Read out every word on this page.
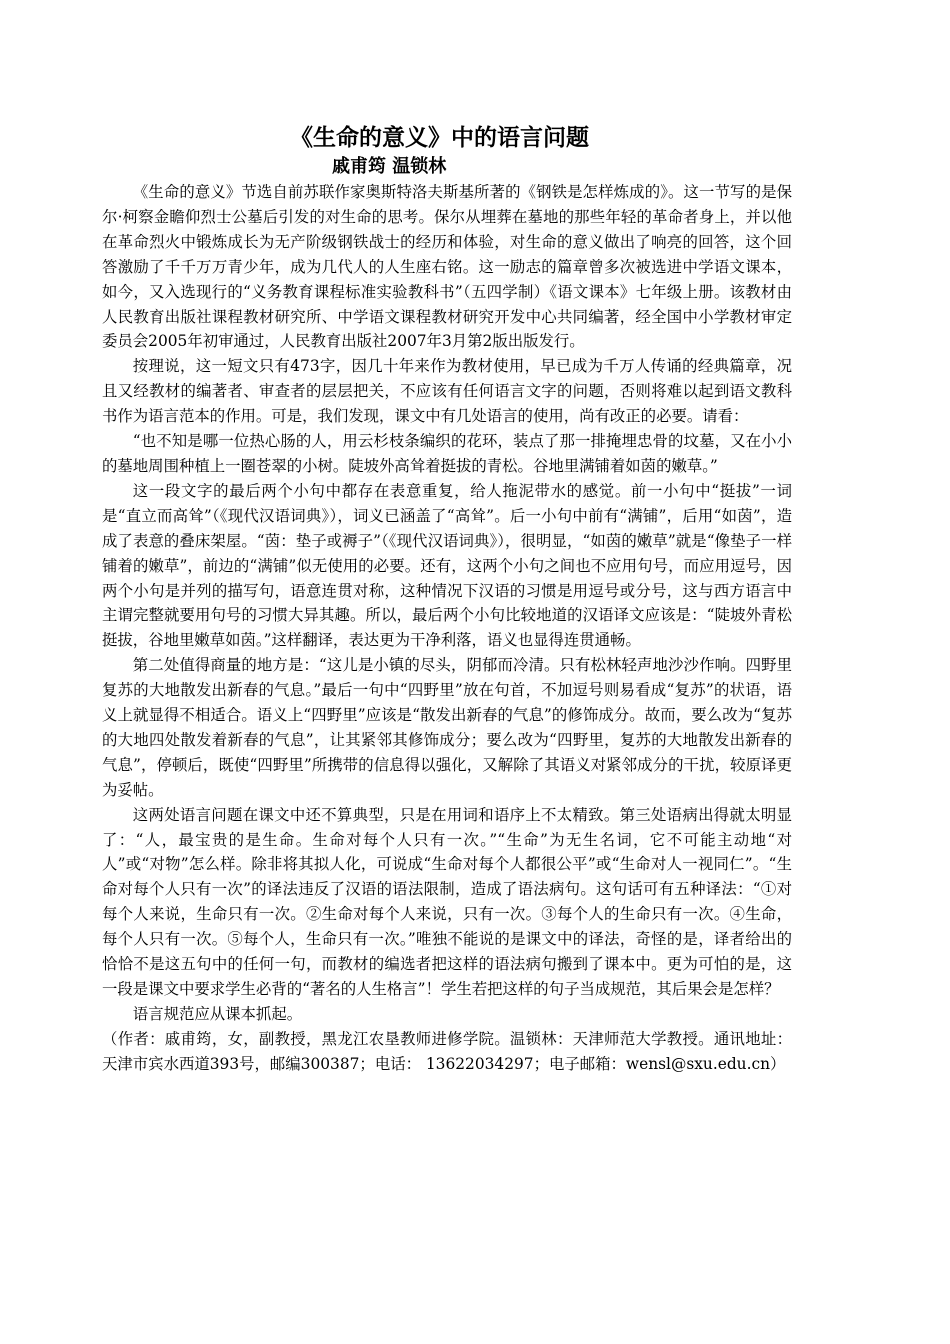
《生命的意义》中的语言问题
戚甫筠 温锁林

《生命的意义》节选自前苏联作家奥斯特洛夫斯基所著的《钢铁是怎样炼成的》。这一节写的是保尔·柯察金瞻仰烈士公墓后引发的对生命的思考。保尔从埋葬在墓地的那些年轻的革命者身上，并以他在革命烈火中锻炼成长为无产阶级钢铁战士的经历和体验，对生命的意义做出了响亮的回答，这个回答激励了千千万万青少年，成为几代人的人生座右铭。这一励志的篇章曾多次被选进中学语文课本，如今，又入选现行的“义务教育课程标准实验教科书”（五四学制）《语文课本》七年级上册。该教材由人民教育出版社课程教材研究所、中学语文课程教材研究开发中心共同编著，经全国中小学教材审定委员会2005年初审通过，人民教育出版社2007年3月第2版出版发行。

按理说，这一短文只有473字，因几十年来作为教材使用，早已成为千万人传诵的经典篇章，况且又经教材的编著者、审查者的层层把关，不应该有任何语言文字的问题，否则将难以起到语文教科书作为语言范本的作用。可是，我们发现，课文中有几处语言的使用，尚有改正的必要。请看：

“也不知是哪一位热心肠的人，用云杉枝条编织的花环，装点了那一排掩埋忠骨的坟墓，又在小小的墓地周围种植上一圈苍翠的小树。陡坡外高耸着挺拔的青松。谷地里满铺着如茵的嫩草。”

这一段文字的最后两个小句中都存在表意重复，给人拖泥带水的感觉。前一小句中“挺拔”一词是“直立而高耸”（《现代汉语词典》），词义已涵盖了“高耸”。后一小句中前有“满铺”，后用“如茵”，造成了表意的叠床架屋。“茵：垫子或褥子”（《现代汉语词典》），很明显，“如茵的嫩草”就是“像垫子一样铺着的嫩草”，前边的“满铺”似无使用的必要。还有，这两个小句之间也不应用句号，而应用逗号，因两个小句是并列的描写句，语意连贯对称，这种情况下汉语的习惯是用逗号或分号，这与西方语言中主谓完整就要用句号的习惯大异其趣。所以，最后两个小句比较地道的汉语译文应该是：“陡坡外青松挺拔，谷地里嫩草如茵。”这样翻译，表达更为干净利落，语义也显得连贯通畅。

第二处值得商量的地方是：“这儿是小镇的尽头，阴郁而冷清。只有松林轻声地沙沙作响。四野里复苏的大地散发出新春的气息。”最后一句中“四野里”放在句首，不加逗号则易看成“复苏”的状语，语义上就显得不相适合。语义上“四野里”应该是“散发出新春的气息”的修饰成分。故而，要么改为“复苏的大地四处散发着新春的气息”，让其紧邻其修饰成分；要么改为“四野里，复苏的大地散发出新春的气息”，停顿后，既使“四野里”所携带的信息得以强化，又解除了其语义对紧邻成分的干扰，较原译更为妥帖。

这两处语言问题在课文中还不算典型，只是在用词和语序上不太精致。第三处语病出得就太明显了：“人，最宝贵的是生命。生命对每个人只有一次。”“生命”为无生名词，它不可能主动地“对人”或“对物”怎么样。除非将其拟人化，可说成“生命对每个人都很公平”或“生命对人一视同仁”。“生命对每个人只有一次”的译法违反了汉语的语法限制，造成了语法病句。这句话可有五种译法：“①对每个人来说，生命只有一次。②生命对每个人来说，只有一次。③每个人的生命只有一次。④生命，每个人只有一次。⑤每个人，生命只有一次。”唯独不能说的是课文中的译法，奇怪的是，译者给出的恰恰不是这五句中的任何一句，而教材的编选者把这样的语法病句搬到了课本中。更为可怕的是，这一段是课文中要求学生必背的“著名的人生格言”！学生若把这样的句子当成规范，其后果会是怎样？

语言规范应从课本抓起。

（作者：戚甫筠，女，副教授，黑龙江农垦教师进修学院。温锁林：天津师范大学教授。通讯地址：天津市宾水西道393号，邮编300387；电话： 13622034297；电子邮箱：wensl@sxu.edu.cn）
